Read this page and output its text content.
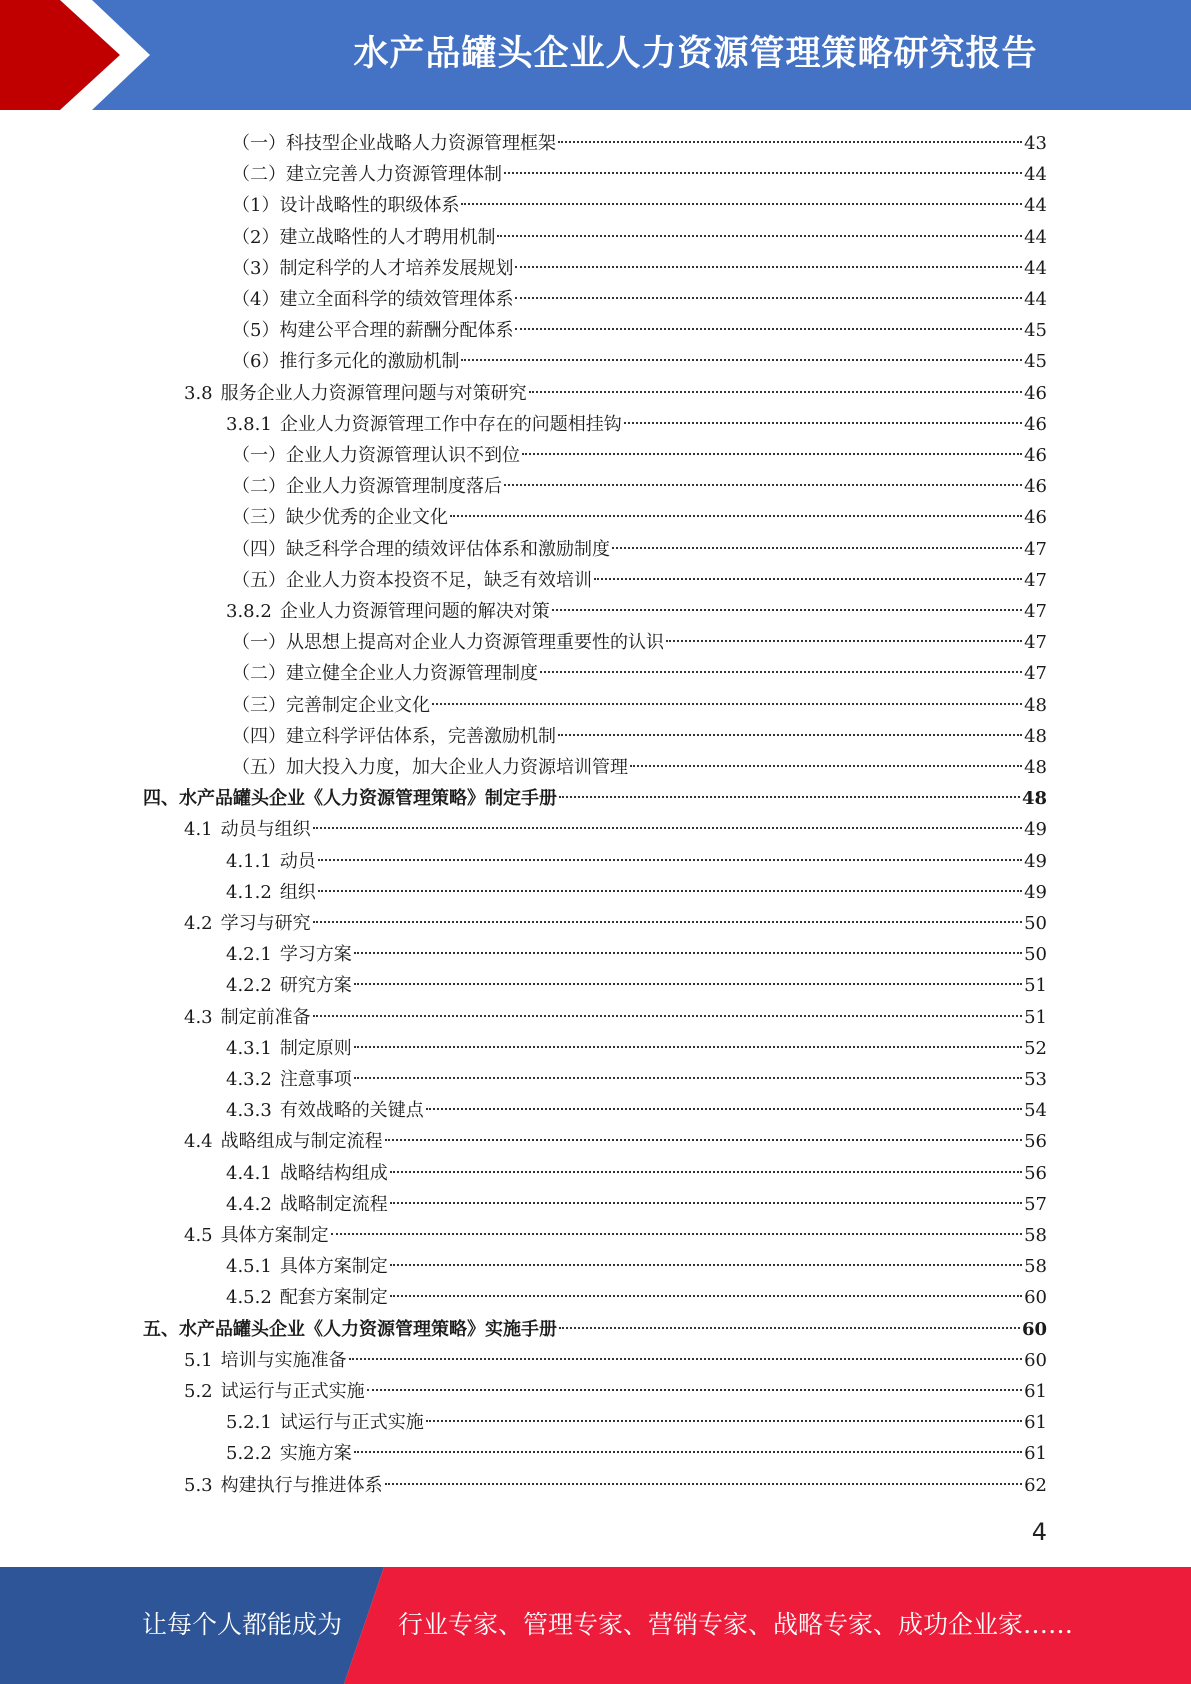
水产品罐头企业人力资源管理策略研究报告
（一）科技型企业战略人力资源管理框架	43
（二）建立完善人力资源管理体制	44
（1）设计战略性的职级体系	44
（2）建立战略性的人才聘用机制	44
（3）制定科学的人才培养发展规划	44
（4）建立全面科学的绩效管理体系	44
（5）构建公平合理的薪酬分配体系	45
（6）推行多元化的激励机制	45
3.8 服务企业人力资源管理问题与对策研究	46
3.8.1 企业人力资源管理工作中存在的问题相挂钩	46
（一）企业人力资源管理认识不到位	46
（二）企业人力资源管理制度落后	46
（三）缺少优秀的企业文化	46
（四）缺乏科学合理的绩效评估体系和激励制度	47
（五）企业人力资本投资不足，缺乏有效培训	47
3.8.2 企业人力资源管理问题的解决对策	47
（一）从思想上提高对企业人力资源管理重要性的认识	47
（二）建立健全企业人力资源管理制度	47
（三）完善制定企业文化	48
（四）建立科学评估体系，完善激励机制	48
（五）加大投入力度，加大企业人力资源培训管理	48
四、水产品罐头企业《人力资源管理策略》制定手册	48
4.1 动员与组织	49
4.1.1 动员	49
4.1.2 组织	49
4.2 学习与研究	50
4.2.1 学习方案	50
4.2.2 研究方案	51
4.3 制定前准备	51
4.3.1 制定原则	52
4.3.2 注意事项	53
4.3.3 有效战略的关键点	54
4.4 战略组成与制定流程	56
4.4.1 战略结构组成	56
4.4.2 战略制定流程	57
4.5 具体方案制定	58
4.5.1 具体方案制定	58
4.5.2 配套方案制定	60
五、水产品罐头企业《人力资源管理策略》实施手册	60
5.1 培训与实施准备	60
5.2 试运行与正式实施	61
5.2.1 试运行与正式实施	61
5.2.2 实施方案	61
5.3 构建执行与推进体系	62
4
让每个人都能成为 行业专家、管理专家、营销专家、战略专家、成功企业家……
